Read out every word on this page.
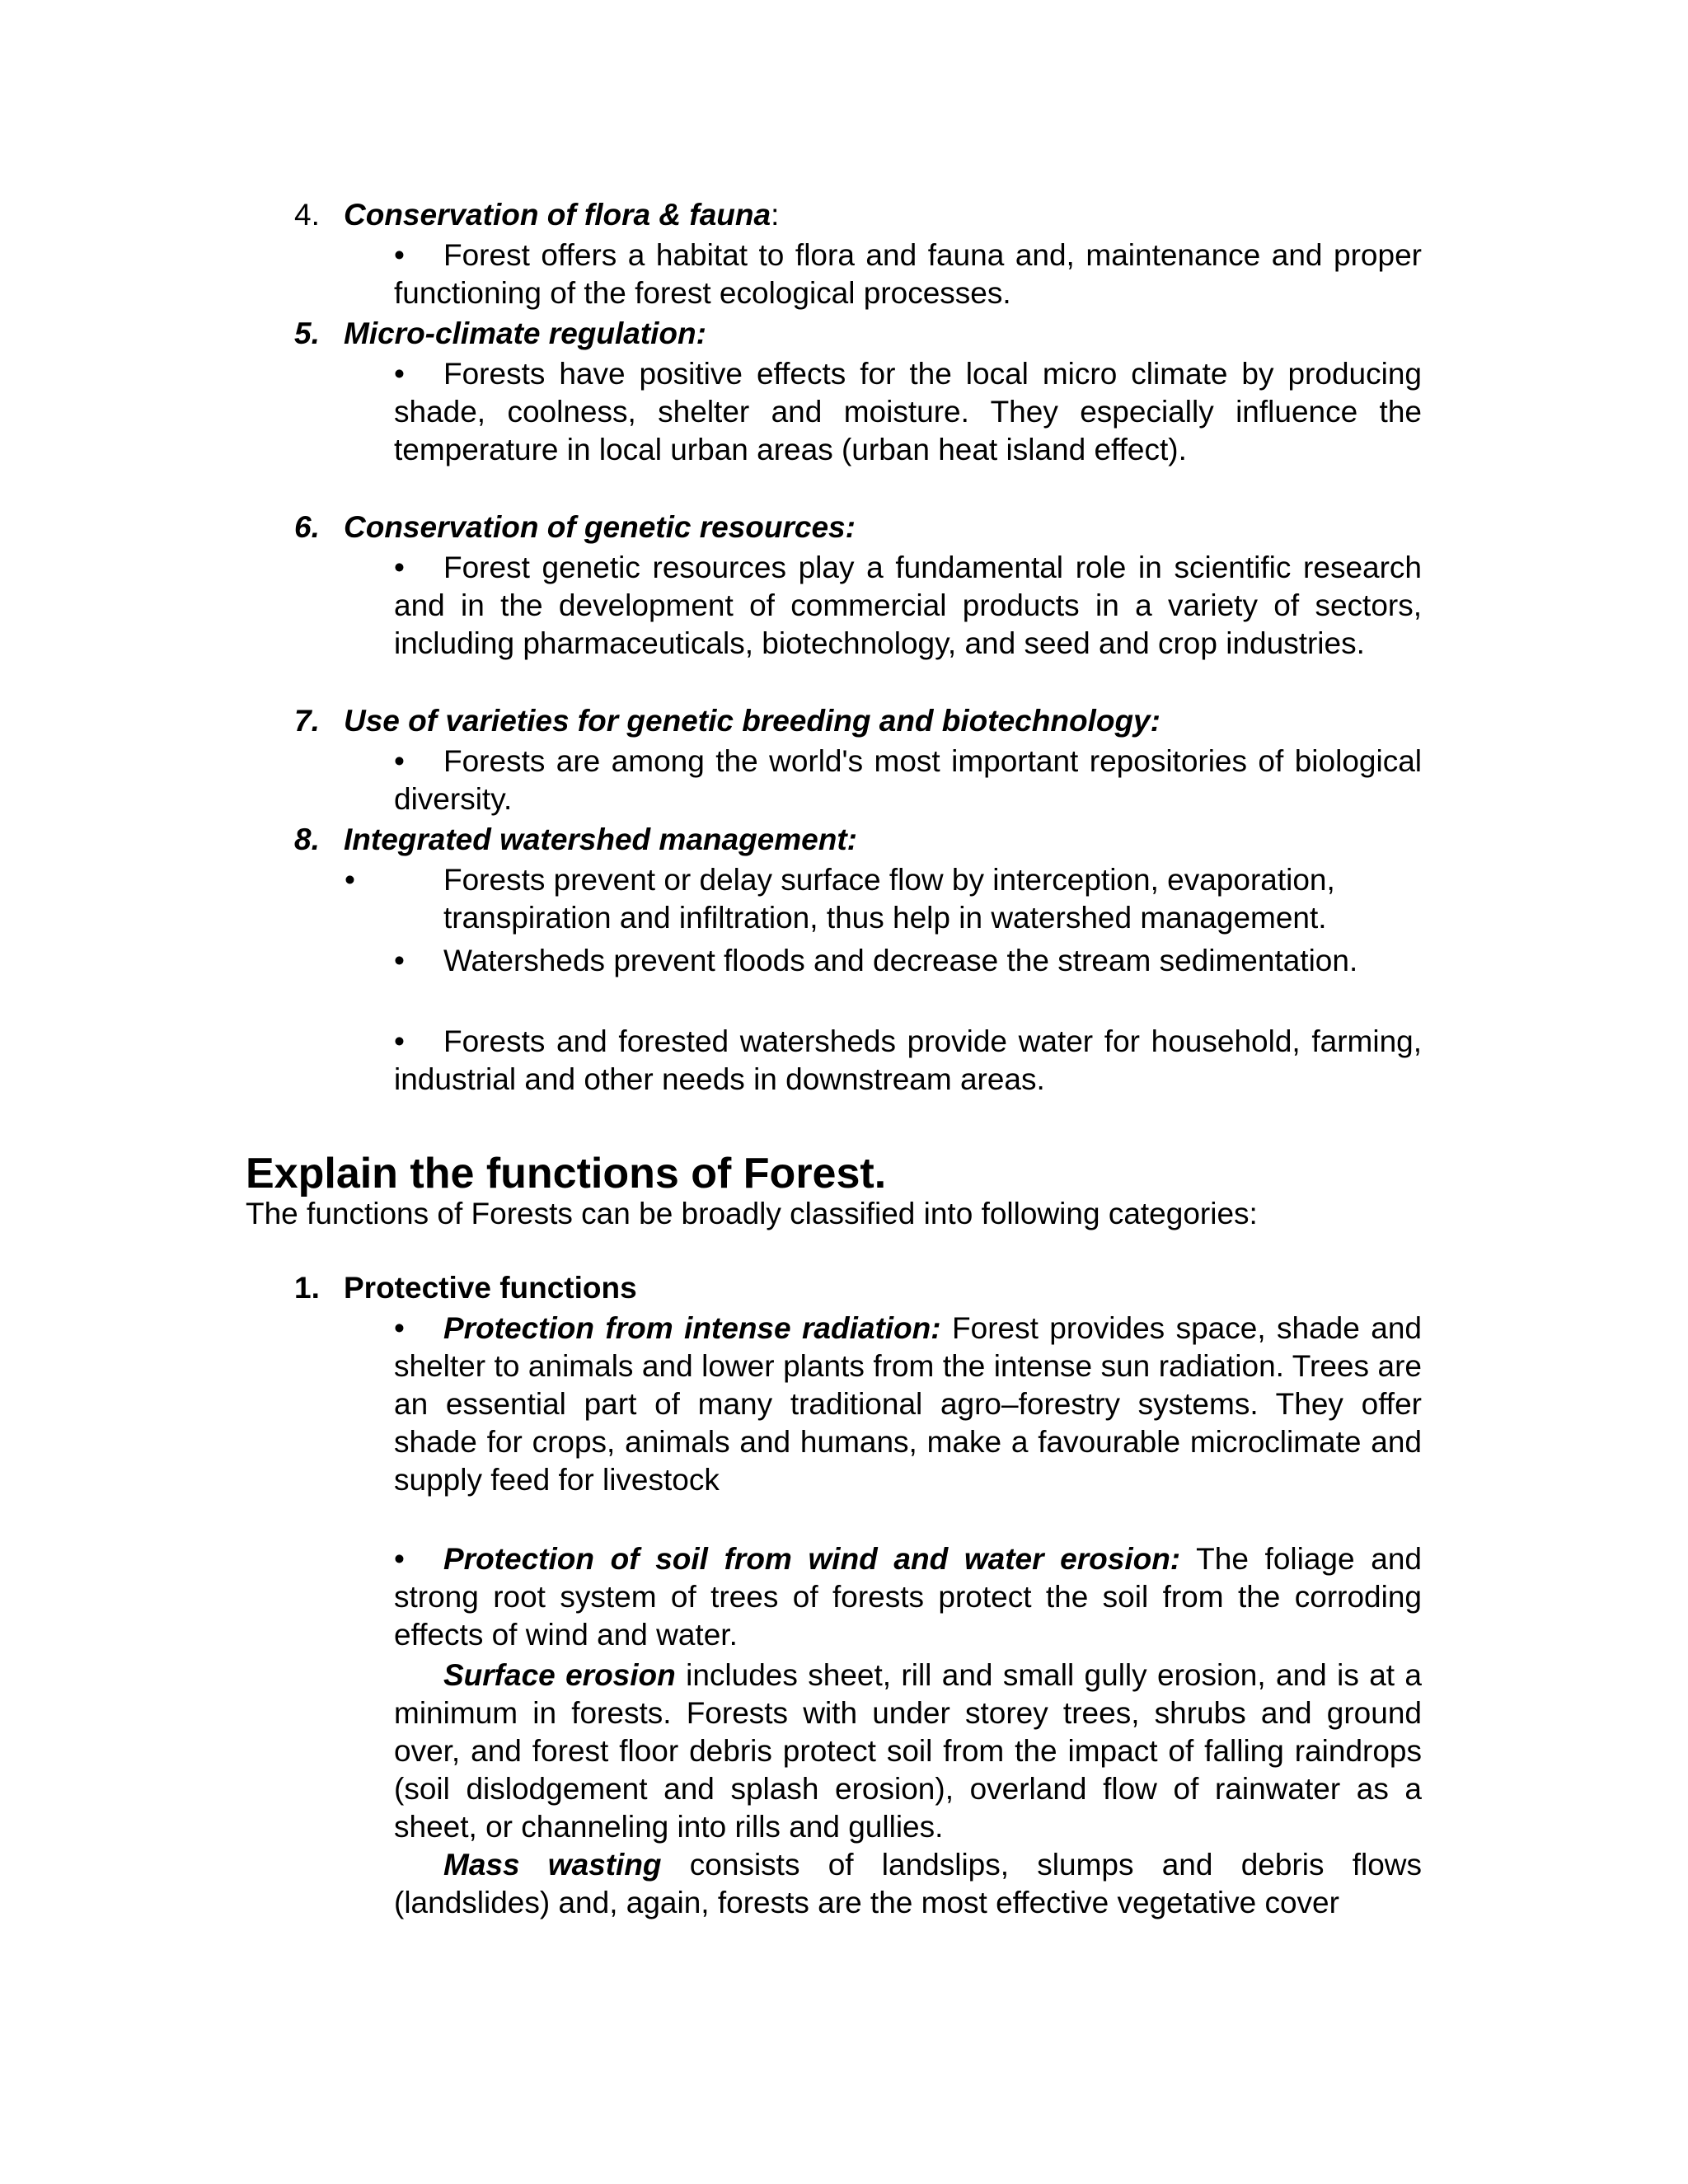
4. Conservation of flora & fauna:
• Forest offers a habitat to flora and fauna and, maintenance and proper functioning of the forest ecological processes.
5. Micro-climate regulation:
• Forests have positive effects for the local micro climate by producing shade, coolness, shelter and moisture. They especially influence the temperature in local urban areas (urban heat island effect).
6. Conservation of genetic resources:
• Forest genetic resources play a fundamental role in scientific research and in the development of commercial products in a variety of sectors, including pharmaceuticals, biotechnology, and seed and crop industries.
7. Use of varieties for genetic breeding and biotechnology:
• Forests are among the world's most important repositories of biological diversity.
8. Integrated watershed management:
•	Forests prevent or delay surface flow by interception, evaporation, transpiration and infiltration, thus help in watershed management.
• Watersheds prevent floods and decrease the stream sedimentation.
• Forests and forested watersheds provide water for household, farming, industrial and other needs in downstream areas.
Explain the functions of Forest.
The functions of Forests can be broadly classified into following categories:
1. Protective functions
• Protection from intense radiation: Forest provides space, shade and shelter to animals and lower plants from the intense sun radiation. Trees are an essential part of many traditional agro–forestry systems. They offer shade for crops, animals and humans, make a favourable microclimate and supply feed for livestock
• Protection of soil from wind and water erosion: The foliage and strong root system of trees of forests protect the soil from the corroding effects of wind and water.
Surface erosion includes sheet, rill and small gully erosion, and is at a minimum in forests. Forests with under storey trees, shrubs and ground over, and forest floor debris protect soil from the impact of falling raindrops (soil dislodgement and splash erosion), overland flow of rainwater as a sheet, or channeling into rills and gullies.
Mass wasting consists of landslips, slumps and debris flows (landslides) and, again, forests are the most effective vegetative cover
